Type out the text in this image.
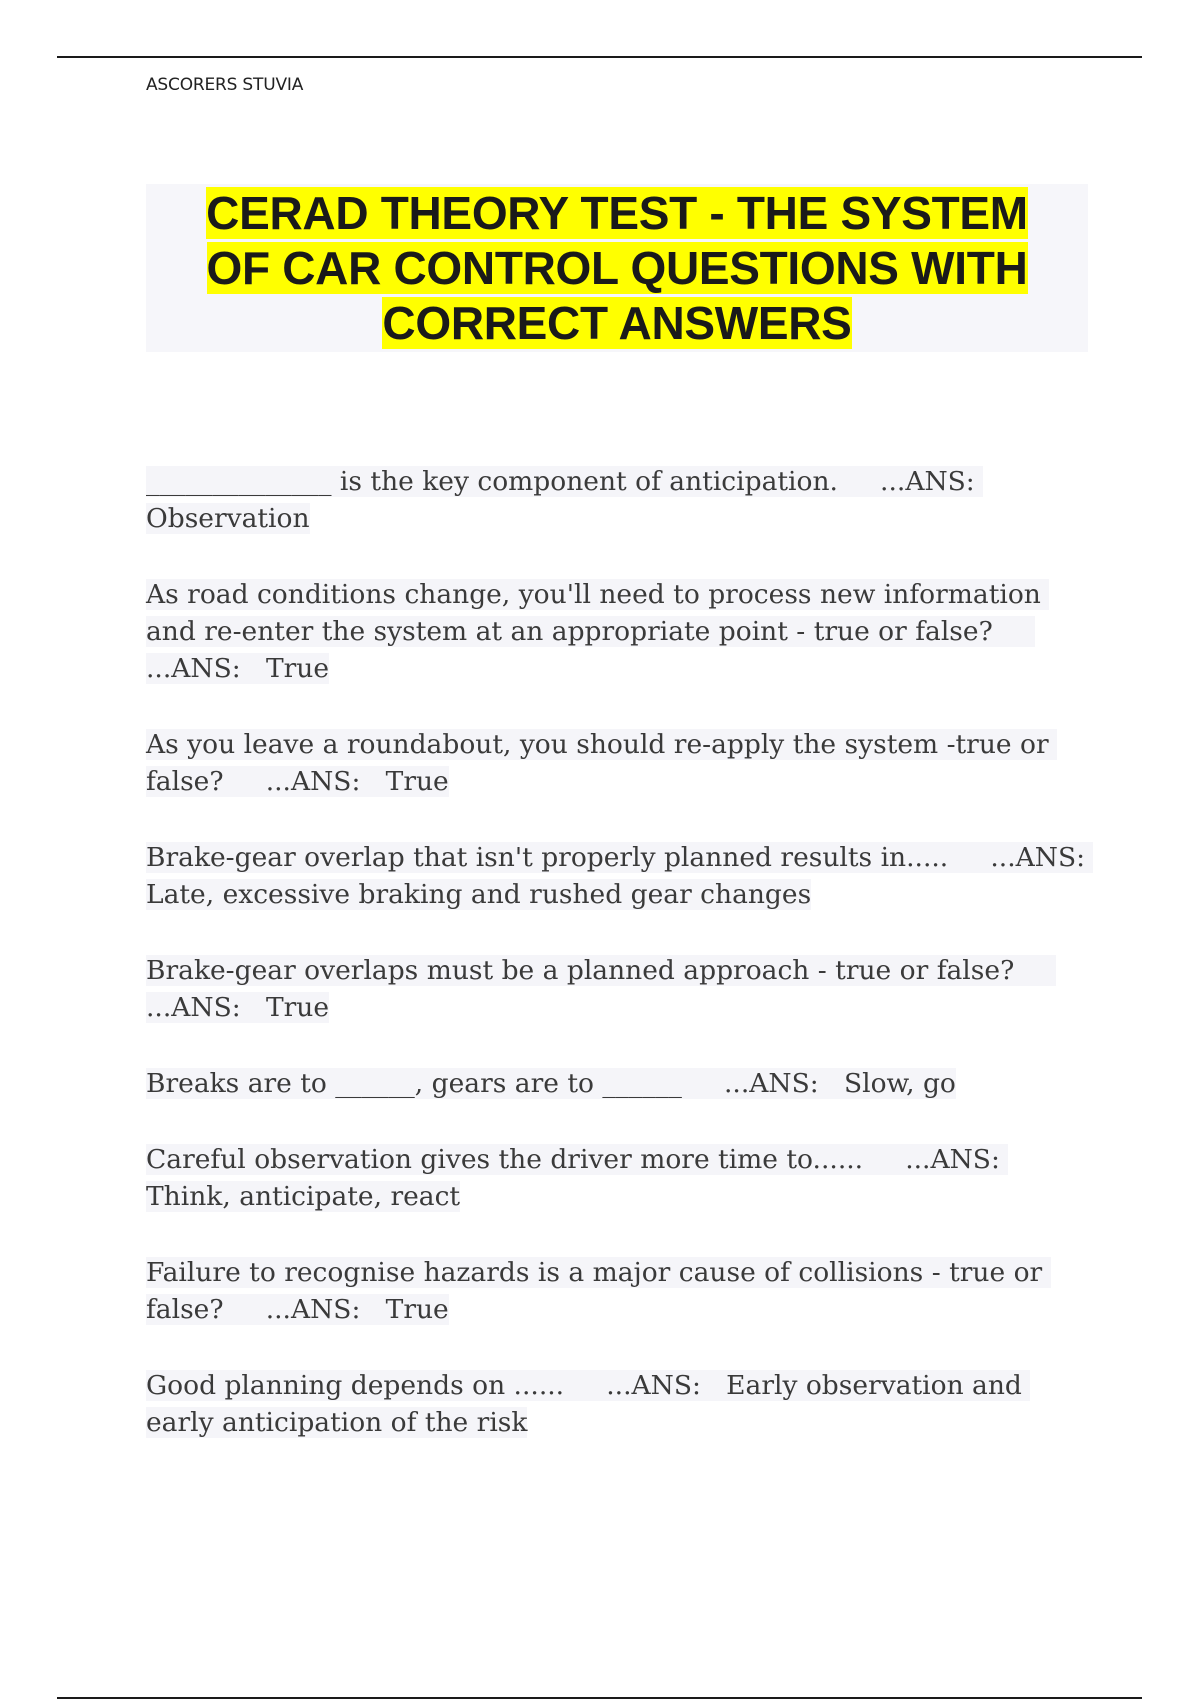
ASCORERS STUVIA
CERAD THEORY TEST - THE SYSTEM OF CAR CONTROL QUESTIONS WITH CORRECT ANSWERS

______________ is the key component of anticipation.     ...ANS: Observation

As road conditions change, you'll need to process new information and re-enter the system at an appropriate point - true or false?     ...ANS:   True

As you leave a roundabout, you should re-apply the system -true or false?     ...ANS:   True

Brake-gear overlap that isn't properly planned results in.....     ...ANS: Late, excessive braking and rushed gear changes

Brake-gear overlaps must be a planned approach - true or false?     ...ANS:   True

Breaks are to ______, gears are to ______     ...ANS:   Slow, go

Careful observation gives the driver more time to......     ...ANS: Think, anticipate, react

Failure to recognise hazards is a major cause of collisions - true or false?     ...ANS:   True

Good planning depends on ......     ...ANS:   Early observation and early anticipation of the risk
